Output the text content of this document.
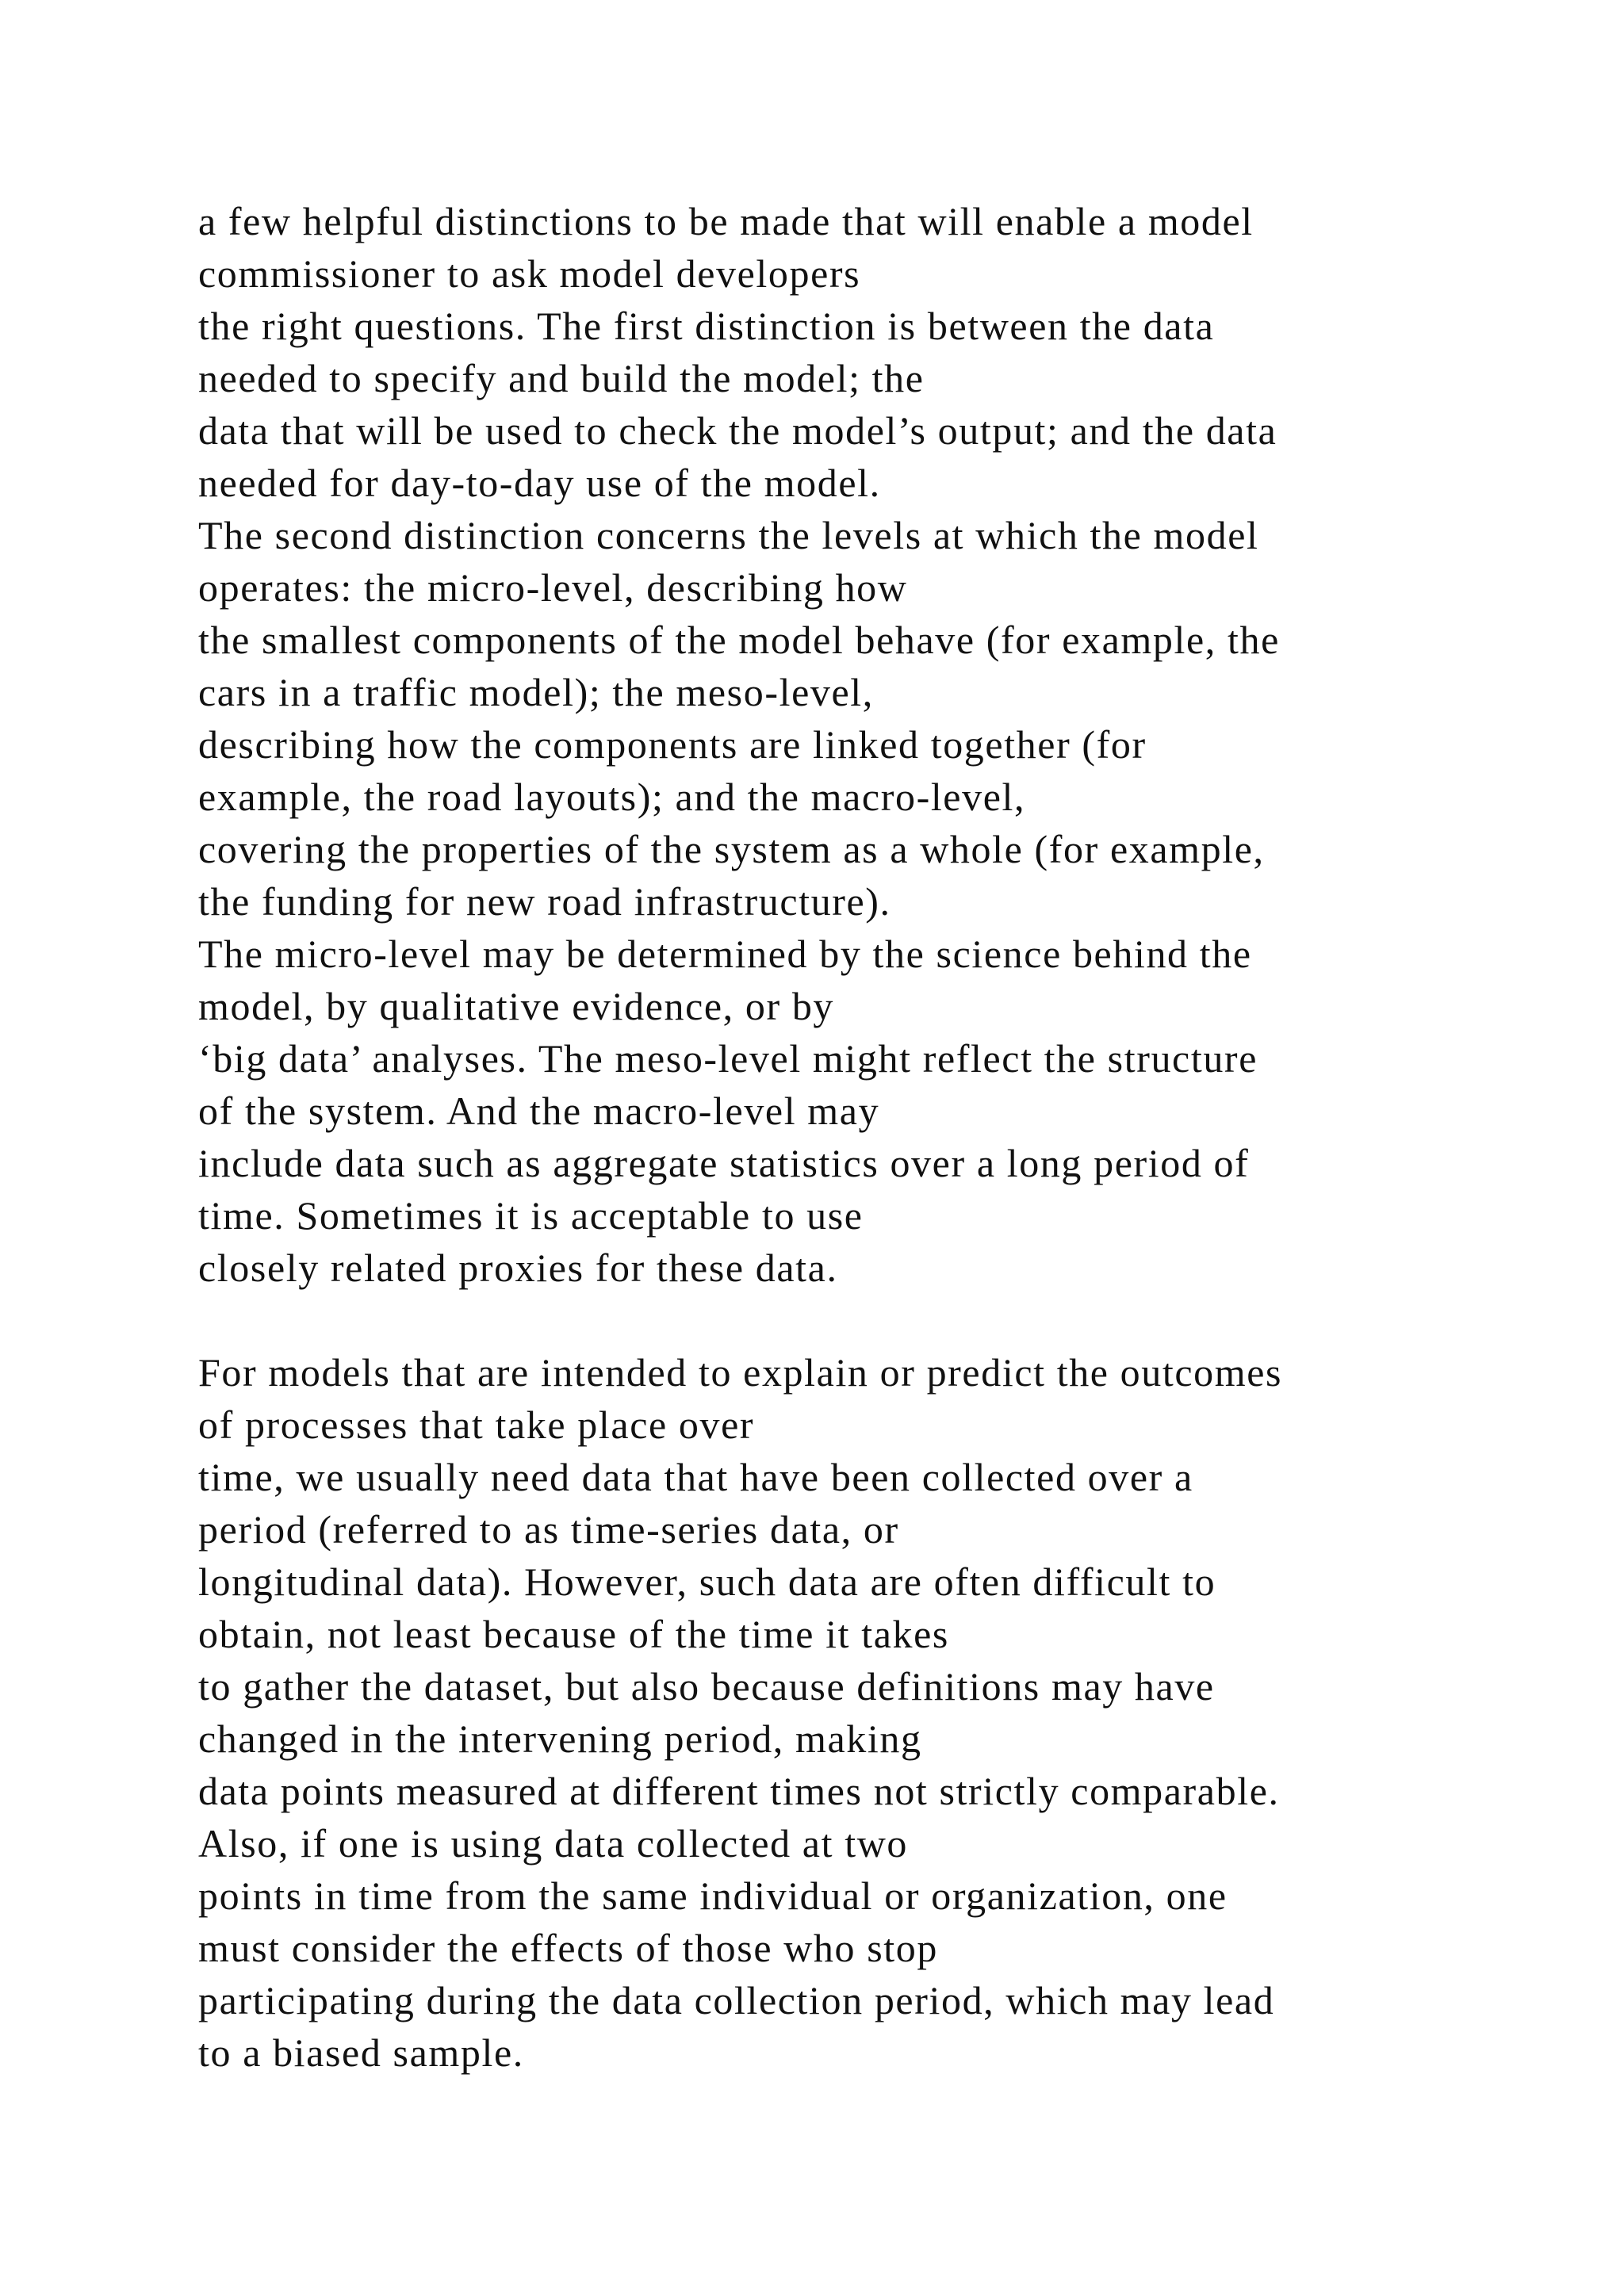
a few helpful distinctions to be made that will enable a model
commissioner to ask model developers
the right questions. The first distinction is between the data
needed to specify and build the model; the
data that will be used to check the model’s output; and the data
needed for day-to-day use of the model.
The second distinction concerns the levels at which the model
operates: the micro-level, describing how
the smallest components of the model behave (for example, the
cars in a traffic model); the meso-level,
describing how the components are linked together (for
example, the road layouts); and the macro-level,
covering the properties of the system as a whole (for example,
the funding for new road infrastructure).
The micro-level may be determined by the science behind the
model, by qualitative evidence, or by
‘big data’ analyses. The meso-level might reflect the structure
of the system. And the macro-level may
include data such as aggregate statistics over a long period of
time. Sometimes it is acceptable to use
closely related proxies for these data.
For models that are intended to explain or predict the outcomes
of processes that take place over
time, we usually need data that have been collected over a
period (referred to as time-series data, or
longitudinal data). However, such data are often difficult to
obtain, not least because of the time it takes
to gather the dataset, but also because definitions may have
changed in the intervening period, making
data points measured at different times not strictly comparable.
Also, if one is using data collected at two
points in time from the same individual or organization, one
must consider the effects of those who stop
participating during the data collection period, which may lead
to a biased sample.
